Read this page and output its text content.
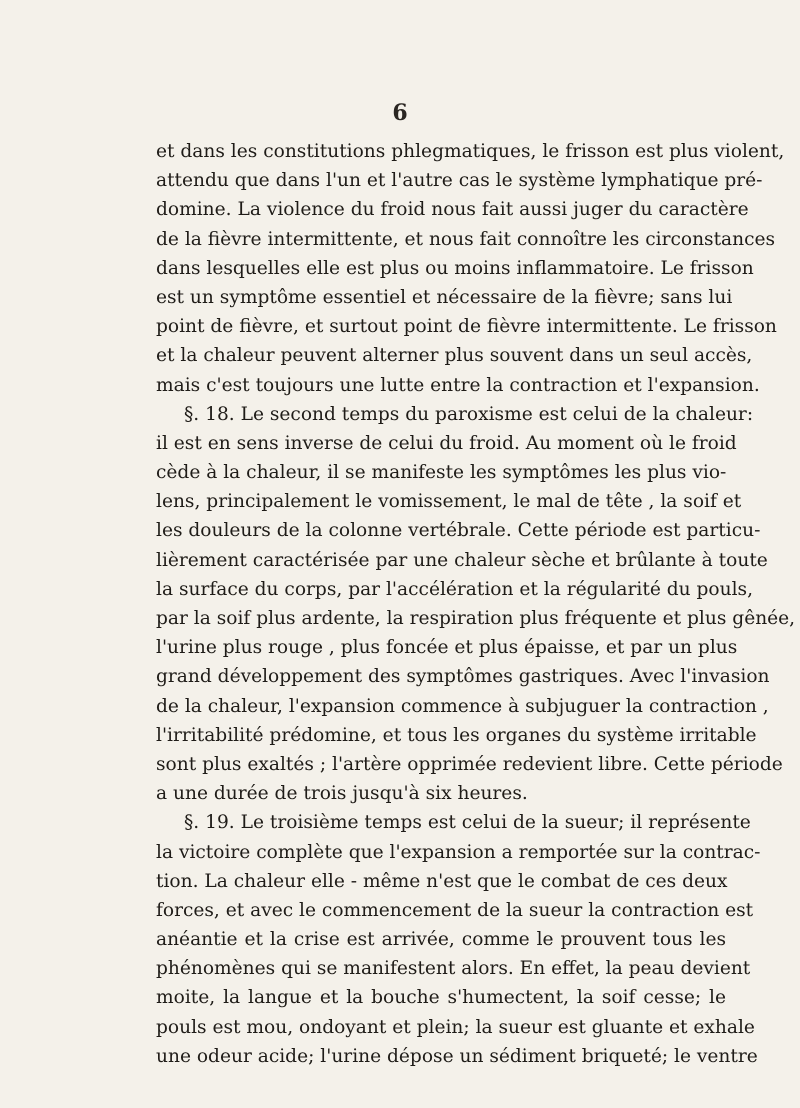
6
et dans les constitutions phlegmatiques, le frisson est plus violent,
attendu que dans l'un et l'autre cas le système lymphatique pré-
domine. La violence du froid nous fait aussi juger du caractère
de la fièvre intermittente, et nous fait connoître les circonstances
dans lesquelles elle est plus ou moins inflammatoire. Le frisson
est un symptôme essentiel et nécessaire de la fièvre; sans lui
point de fièvre, et surtout point de fièvre intermittente. Le frisson
et la chaleur peuvent alterner plus souvent dans un seul accès,
mais c'est toujours une lutte entre la contraction et l'expansion.
§. 18. Le second temps du paroxisme est celui de la chaleur:
il est en sens inverse de celui du froid. Au moment où le froid
cède à la chaleur, il se manifeste les symptômes les plus vio-
lens, principalement le vomissement, le mal de tête , la soif et
les douleurs de la colonne vertébrale. Cette période est particu-
lièrement caractérisée par une chaleur sèche et brûlante à toute
la surface du corps, par l'accélération et la régularité du pouls,
par la soif plus ardente, la respiration plus fréquente et plus gênée,
l'urine plus rouge , plus foncée et plus épaisse, et par un plus
grand développement des symptômes gastriques. Avec l'invasion
de la chaleur, l'expansion commence à subjuguer la contraction ,
l'irritabilité prédomine, et tous les organes du système irritable
sont plus exaltés ; l'artère opprimée redevient libre. Cette période
a une durée de trois jusqu'à six heures.
§. 19. Le troisième temps est celui de la sueur; il représente
la victoire complète que l'expansion a remportée sur la contrac-
tion. La chaleur elle - même n'est que le combat de ces deux
forces, et avec le commencement de la sueur la contraction est
anéantie et la crise est arrivée, comme le prouvent tous les
phénomènes qui se manifestent alors. En effet, la peau devient
moite, la langue et la bouche s'humectent, la soif cesse; le
pouls est mou, ondoyant et plein; la sueur est gluante et exhale
une odeur acide; l'urine dépose un sédiment briqueté; le ventre
